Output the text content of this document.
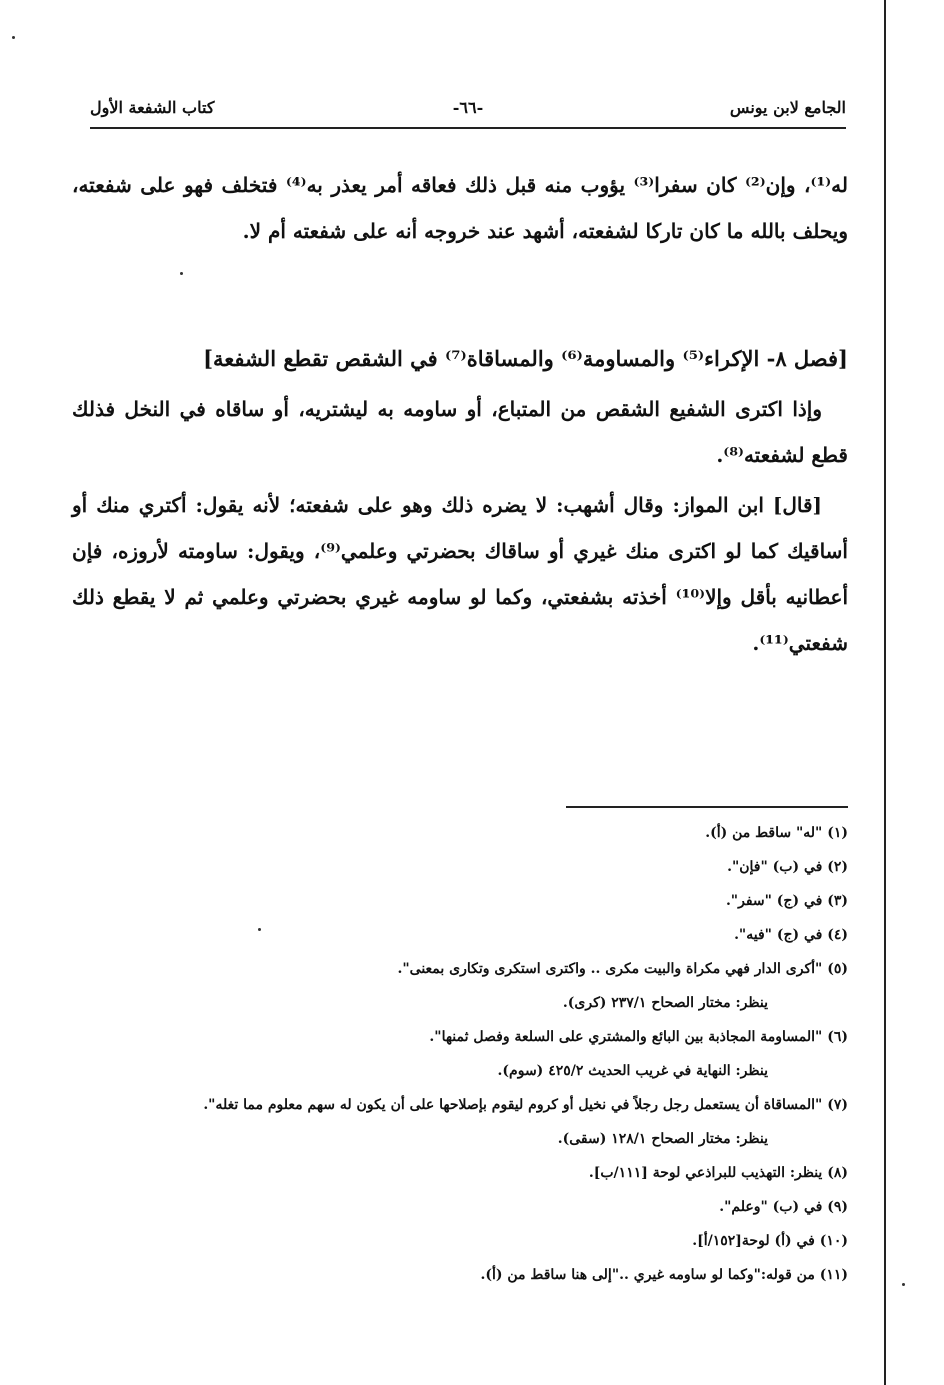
الجامع لابن يونس
-٦٦-
كتاب الشفعة الأول
له⁽¹⁾، وإن⁽²⁾ كان سفرا⁽³⁾ يؤوب منه قبل ذلك فعاقه أمر يعذر به⁽⁴⁾ فتخلف فهو على شفعته، ويحلف بالله ما كان تاركا لشفعته، أشهد عند خروجه أنه على شفعته أم لا.
[فصل ٨- الإكراء⁽⁵⁾ والمساومة⁽⁶⁾ والمساقاة⁽⁷⁾ في الشقص تقطع الشفعة]
وإذا اكترى الشفيع الشقص من المتباع، أو ساومه به ليشتريه، أو ساقاه في النخل فذلك قطع لشفعته⁽⁸⁾.
[قال] ابن المواز: وقال أشهب: لا يضره ذلك وهو على شفعته؛ لأنه يقول: أكتري منك أو أساقيك كما لو اكترى منك غيري أو ساقاك بحضرتي وعلمي⁽⁹⁾، ويقول: ساومته لأروزه، فإن أعطانيه بأقل وإلا⁽¹⁰⁾ أخذته بشفعتي، وكما لو ساومه غيري بحضرتي وعلمي ثم لا يقطع ذلك شفعتي⁽¹¹⁾.
(١) "له" ساقط من (أ).
(٢) في (ب) "فإن".
(٣) في (ج) "سفر".
(٤) في (ج) "فيه".
(٥) "أكرى الدار فهي مكراة والبيت مكرى .. واكترى استكرى وتكارى بمعنى".
ينظر: مختار الصحاح ٢٣٧/١ (كرى).
(٦) "المساومة المجاذبة بين البائع والمشتري على السلعة وفصل ثمنها".
ينظر: النهاية في غريب الحديث ٤٢٥/٢ (سوم).
(٧) "المساقاة أن يستعمل رجل رجلاً في نخيل أو كروم ليقوم بإصلاحها على أن يكون له سهم معلوم مما تغله".
ينظر: مختار الصحاح ١٢٨/١ (سقى).
(٨) ينظر: التهذيب للبراذعي لوحة [١١١/ب].
(٩) في (ب) "وعلم".
(١٠) في (أ) لوحة[١٥٢/أ].
(١١) من قوله:"وكما لو ساومه غيري .."إلى هنا ساقط من (أ).
